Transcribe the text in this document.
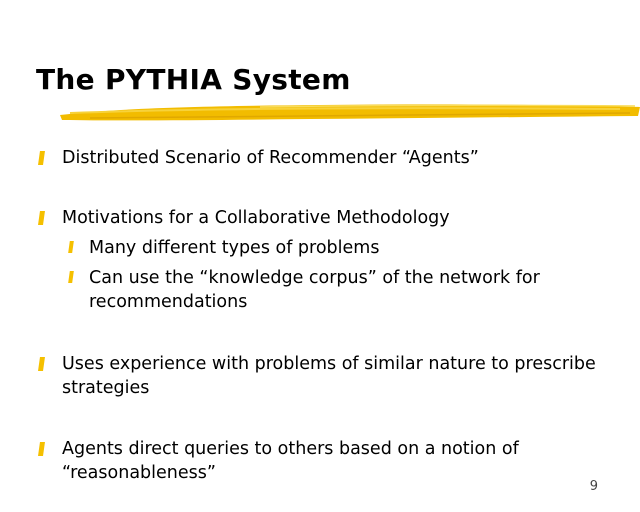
The PYTHIA System
Distributed Scenario of Recommender “Agents”
Motivations for a Collaborative Methodology
Many different types of problems
Can use the “knowledge corpus” of the network for recommendations
Uses experience with problems of similar nature to prescribe strategies
Agents direct queries to others based on a notion of “reasonableness”
9
